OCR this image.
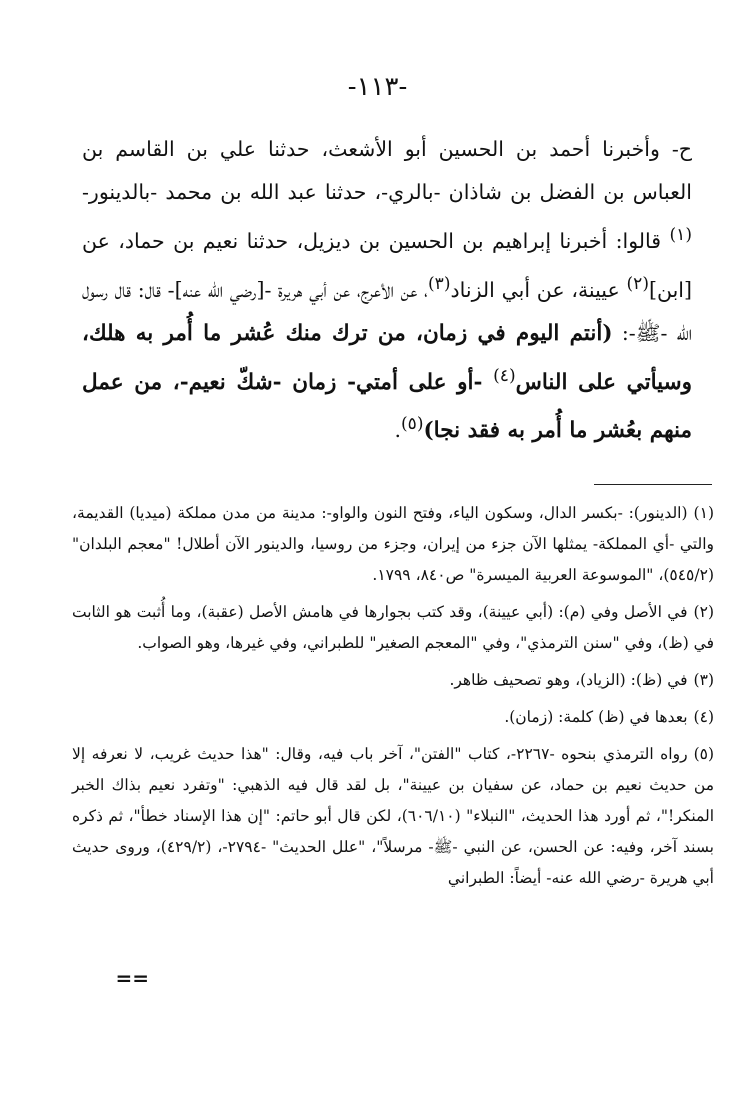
-١١٣-
ح- وأخبرنا أحمد بن الحسين أبو الأشعث، حدثنا علي بن القاسم بن العباس بن الفضل بن شاذان -بالري-، حدثنا عبد الله بن محمد -بالدينور-$^{(١)}$ قالوا: أخبرنا إبراهيم بن الحسين بن ديزيل، حدثنا نعيم بن حماد، عن [ابن]$^{(٢)}$ عيينة، عن أبي الزناد$^{(٣)}$، عن الأعرج، عن أبي هريرة -[رضي الله عنه]- قال: قال رسول الله -ﷺ-: (أنتم اليوم في زمان، من ترك منك عُشر ما أُمر به هلك، وسيأتي على الناس$^{(٤)}$ -أو على أمتي- زمان -شكّ نعيم-، من عمل منهم بعُشر ما أُمر به فقد نجا)$^{(٥)}$.

(١)(الدينور): -بكسر الدال، وسكون الياء، وفتح النون والواو-: مدينة من مدن مملكة (ميديا) القديمة، والتي -أي المملكة- يمثلها الآن جزء من إيران، وجزء من روسيا، والدينور الآن أطلال! "معجم البلدان" (٥٤٥/٢)، "الموسوعة العربية الميسرة" ص٨٤٠، ١٧٩٩.

(٢)في الأصل وفي (م): (أبي عيينة)، وقد كتب بجوارها في هامش الأصل (عقبة)، وما أُثبت هو الثابت في (ظ)، وفي "سنن الترمذي"، وفي "المعجم الصغير" للطبراني، وفي غيرها، وهو الصواب.

(٣)في (ظ): (الزياد)، وهو تصحيف ظاهر.

(٤)بعدها في (ظ) كلمة: (زمان).

(٥)رواه الترمذي بنحوه -٢٢٦٧-، كتاب "الفتن"، آخر باب فيه، وقال: "هذا حديث غريب، لا نعرفه إلا من حديث نعيم بن حماد، عن سفيان بن عيينة"، بل لقد قال فيه الذهبي: "وتفرد نعيم بذاك الخبر المنكر!"، ثم أورد هذا الحديث، "النبلاء" (٦٠٦/١٠)، لكن قال أبو حاتم: "إن هذا الإسناد خطأ"، ثم ذكره بسند آخر، وفيه: عن الحسن، عن النبي -ﷺ- مرسلاً"، "علل الحديث" -٢٧٩٤-، (٤٢٩/٢)، وروى حديث أبي هريرة -رضي الله عنه- أيضاً: الطبراني

==
